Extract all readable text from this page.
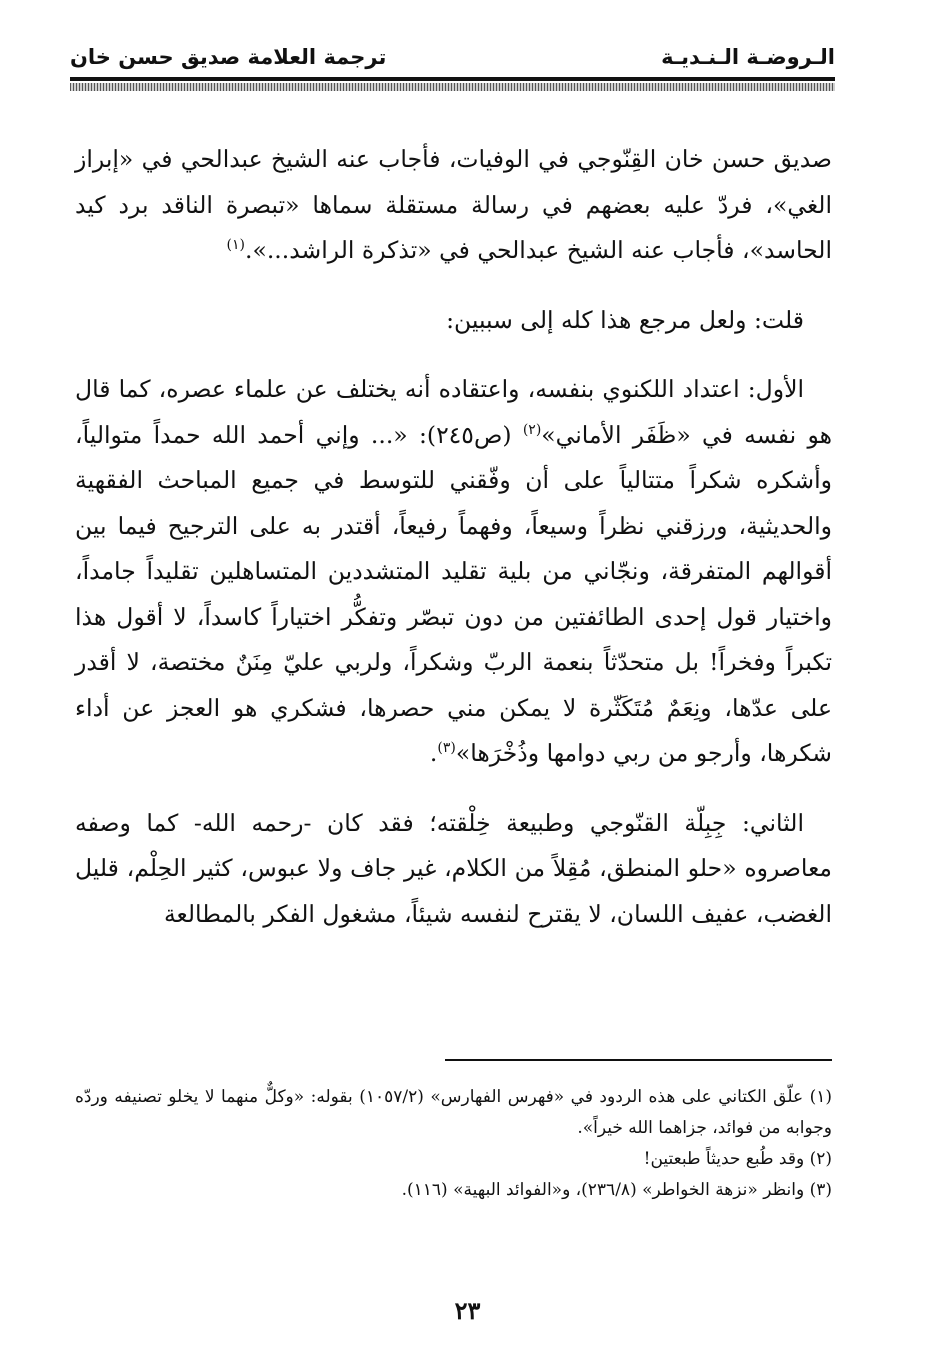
الـروضـة الـنـديـة
ترجمة العلامة صديق حسن خان

صديق حسن خان القِنّوجي في الوفيات، فأجاب عنه الشيخ عبدالحي في «إبراز الغي»، فردّ عليه بعضهم في رسالة مستقلة سماها «تبصرة الناقد برد كيد الحاسد»، فأجاب عنه الشيخ عبدالحي في «تذكرة الراشد...».$^{(١)}$

قلت: ولعل مرجع هذا كله إلى سببين:

الأول: اعتداد اللكنوي بنفسه، واعتقاده أنه يختلف عن علماء عصره، كما قال هو نفسه في «ظَفَر الأماني»$^{(٢)}$ (ص٢٤٥): «... وإني أحمد الله حمداً متوالياً، وأشكره شكراً متتالياً على أن وفّقني للتوسط في جميع المباحث الفقهية والحديثية، ورزقني نظراً وسيعاً، وفهماً رفيعاً، أقتدر به على الترجيح فيما بين أقوالهم المتفرقة، ونجّاني من بلية تقليد المتشددين المتساهلين تقليداً جامداً، واختيار قول إحدى الطائفتين من دون تبصّر وتفكُّر اختياراً كاسداً، لا أقول هذا تكبراً وفخراً! بل متحدّثاً بنعمة الربّ وشكراً، ولربي عليّ مِنَنٌ مختصة، لا أقدر على عدّها، ونِعَمٌ مُتَكَثّرة لا يمكن مني حصرها، فشكري هو العجز عن أداء شكرها، وأرجو من ربي دوامها وذُخْرَها»$^{(٣)}$.

الثاني: جِبِلّة القنّوجي وطبيعة خِلْقته؛ فقد كان -رحمه الله- كما وصفه معاصروه «حلو المنطق، مُقِلاً من الكلام، غير جاف ولا عبوس، كثير الحِلْم، قليل الغضب، عفيف اللسان، لا يقترح لنفسه شيئاً، مشغول الفكر بالمطالعة

(١) علّق الكتاني على هذه الردود في «فهرس الفهارس» (١٠٥٧/٢) بقوله: «وكلٌّ منهما لا يخلو تصنيفه وردّه وجوابه من فوائد، جزاهما الله خيراً».

(٢) وقد طُبع حديثاً طبعتين!

(٣) وانظر «نزهة الخواطر» (٢٣٦/٨)، و«الفوائد البهية» (١١٦).

٢٣
